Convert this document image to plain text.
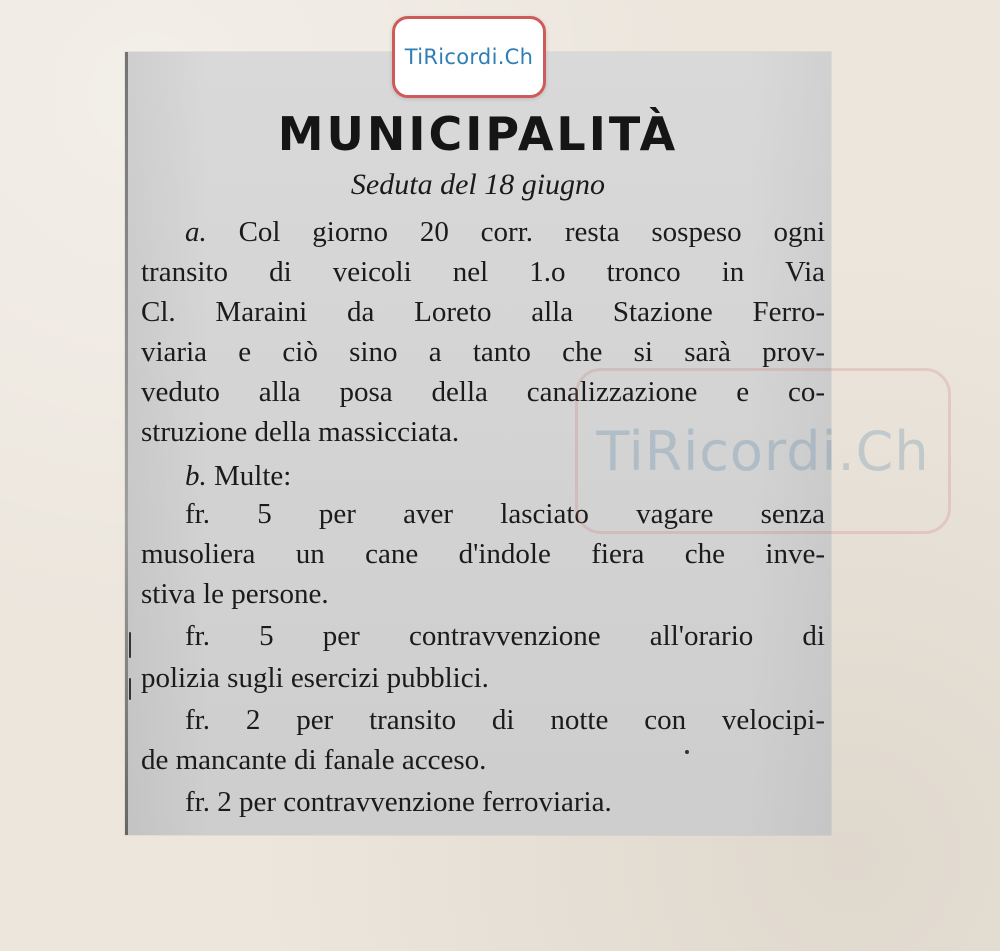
MUNICIPALITÀ
Seduta del 18 giugno
a. Col giorno 20 corr. resta sospeso ogni
transito di veicoli nel 1.o tronco in Via
Cl. Maraini da Loreto alla Stazione Ferro-
viaria e ciò sino a tanto che si sarà prov-
veduto alla posa della canalizzazione e co-
struzione della massicciata.
b. Multe:
fr. 5 per aver lasciato vagare senza
musoliera un cane d'indole fiera che inve-
stiva le persone.
fr. 5 per contravvenzione all'orario di
polizia sugli esercizi pubblici.
fr. 2 per transito di notte con velocipi-
de mancante di fanale acceso.
fr. 2 per contravvenzione ferroviaria.
TiRicordi.Ch
TiRicordi.Ch
